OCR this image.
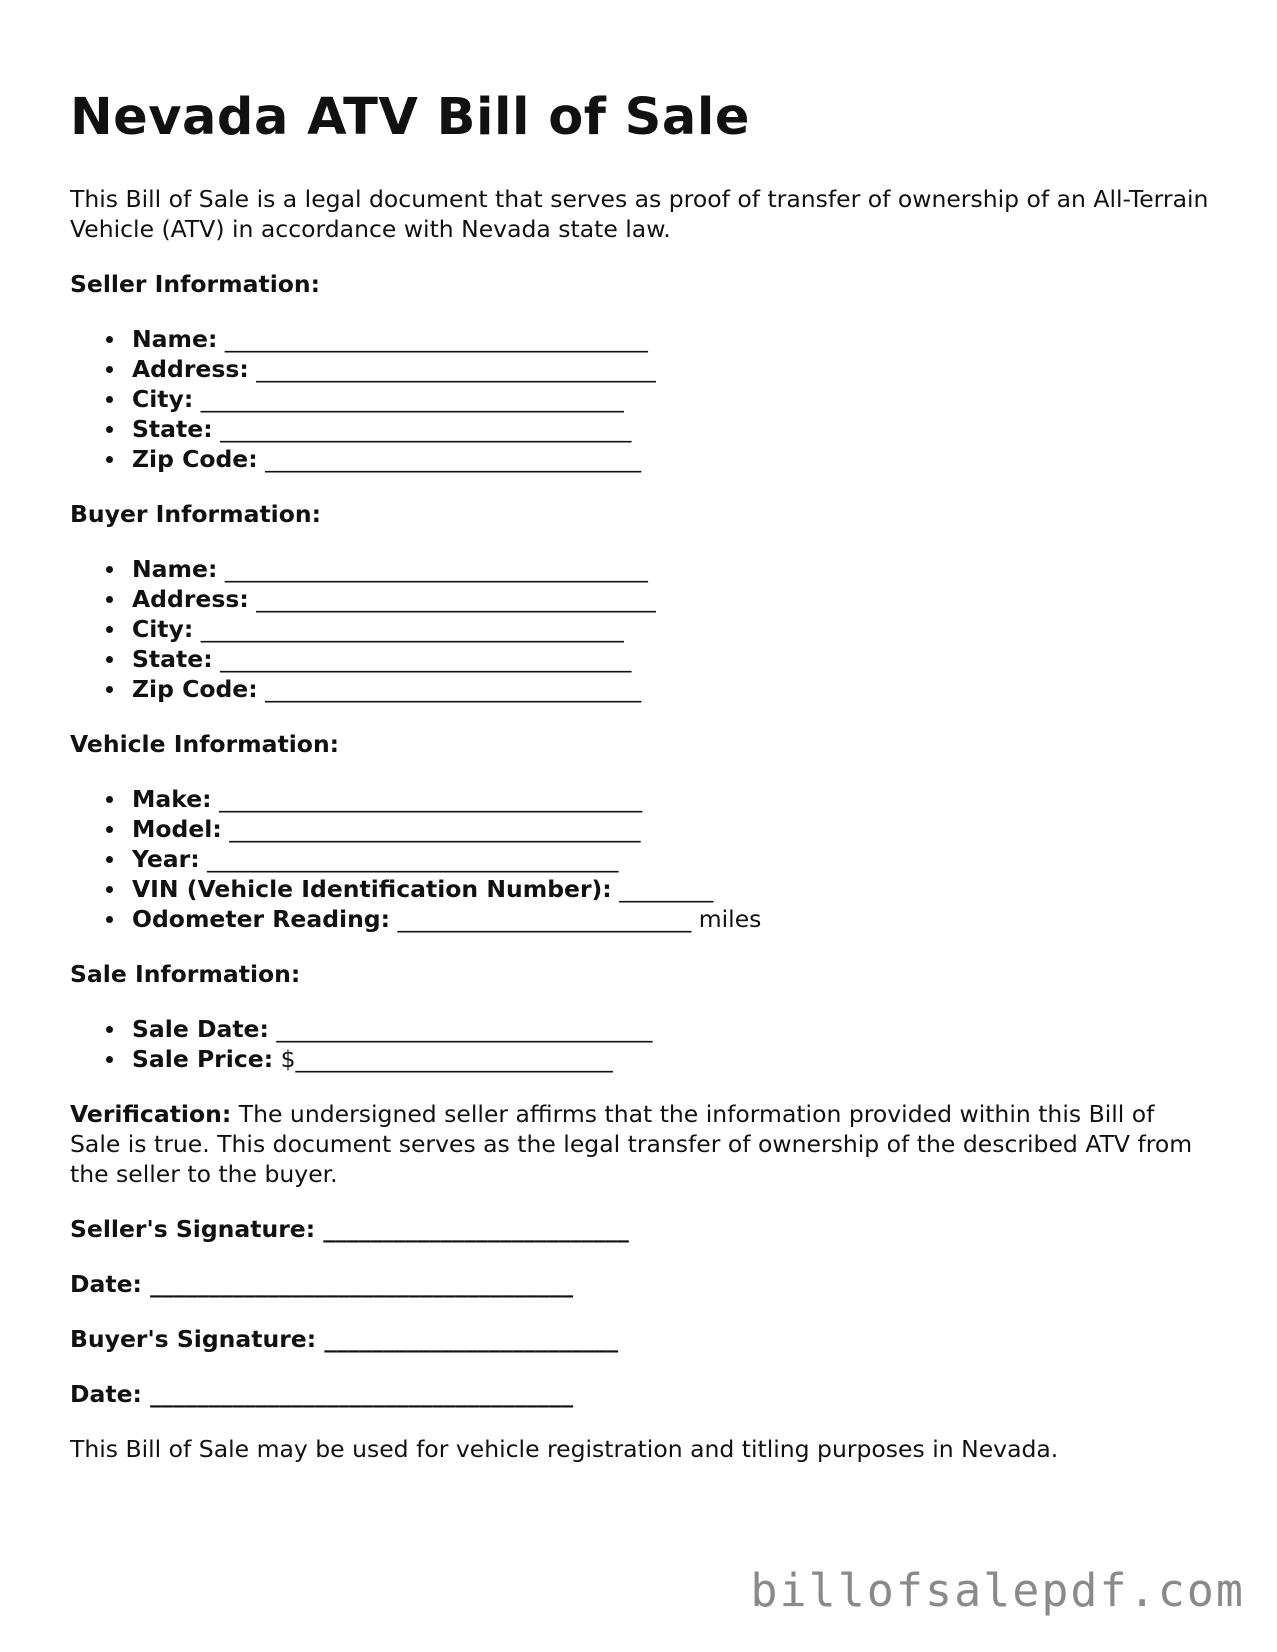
Nevada ATV Bill of Sale

This Bill of Sale is a legal document that serves as proof of transfer of ownership of an All-Terrain Vehicle (ATV) in accordance with Nevada state law.

Seller Information:

Name: ____________________________________
Address: __________________________________
City: ____________________________________
State: ___________________________________
Zip Code: ________________________________

Buyer Information:

Name: ____________________________________
Address: __________________________________
City: ____________________________________
State: ___________________________________
Zip Code: ________________________________

Vehicle Information:

Make: ____________________________________
Model: ___________________________________
Year: ___________________________________
VIN (Vehicle Identification Number): ________
Odometer Reading: _________________________ miles

Sale Information:

Sale Date: ________________________________
Sale Price: $___________________________

Verification: The undersigned seller affirms that the information provided within this Bill of Sale is true. This document serves as the legal transfer of ownership of the described ATV from the seller to the buyer.

Seller's Signature: __________________________

Date: ____________________________________

Buyer's Signature: _________________________

Date: ____________________________________

This Bill of Sale may be used for vehicle registration and titling purposes in Nevada.

billofsalepdf.com
